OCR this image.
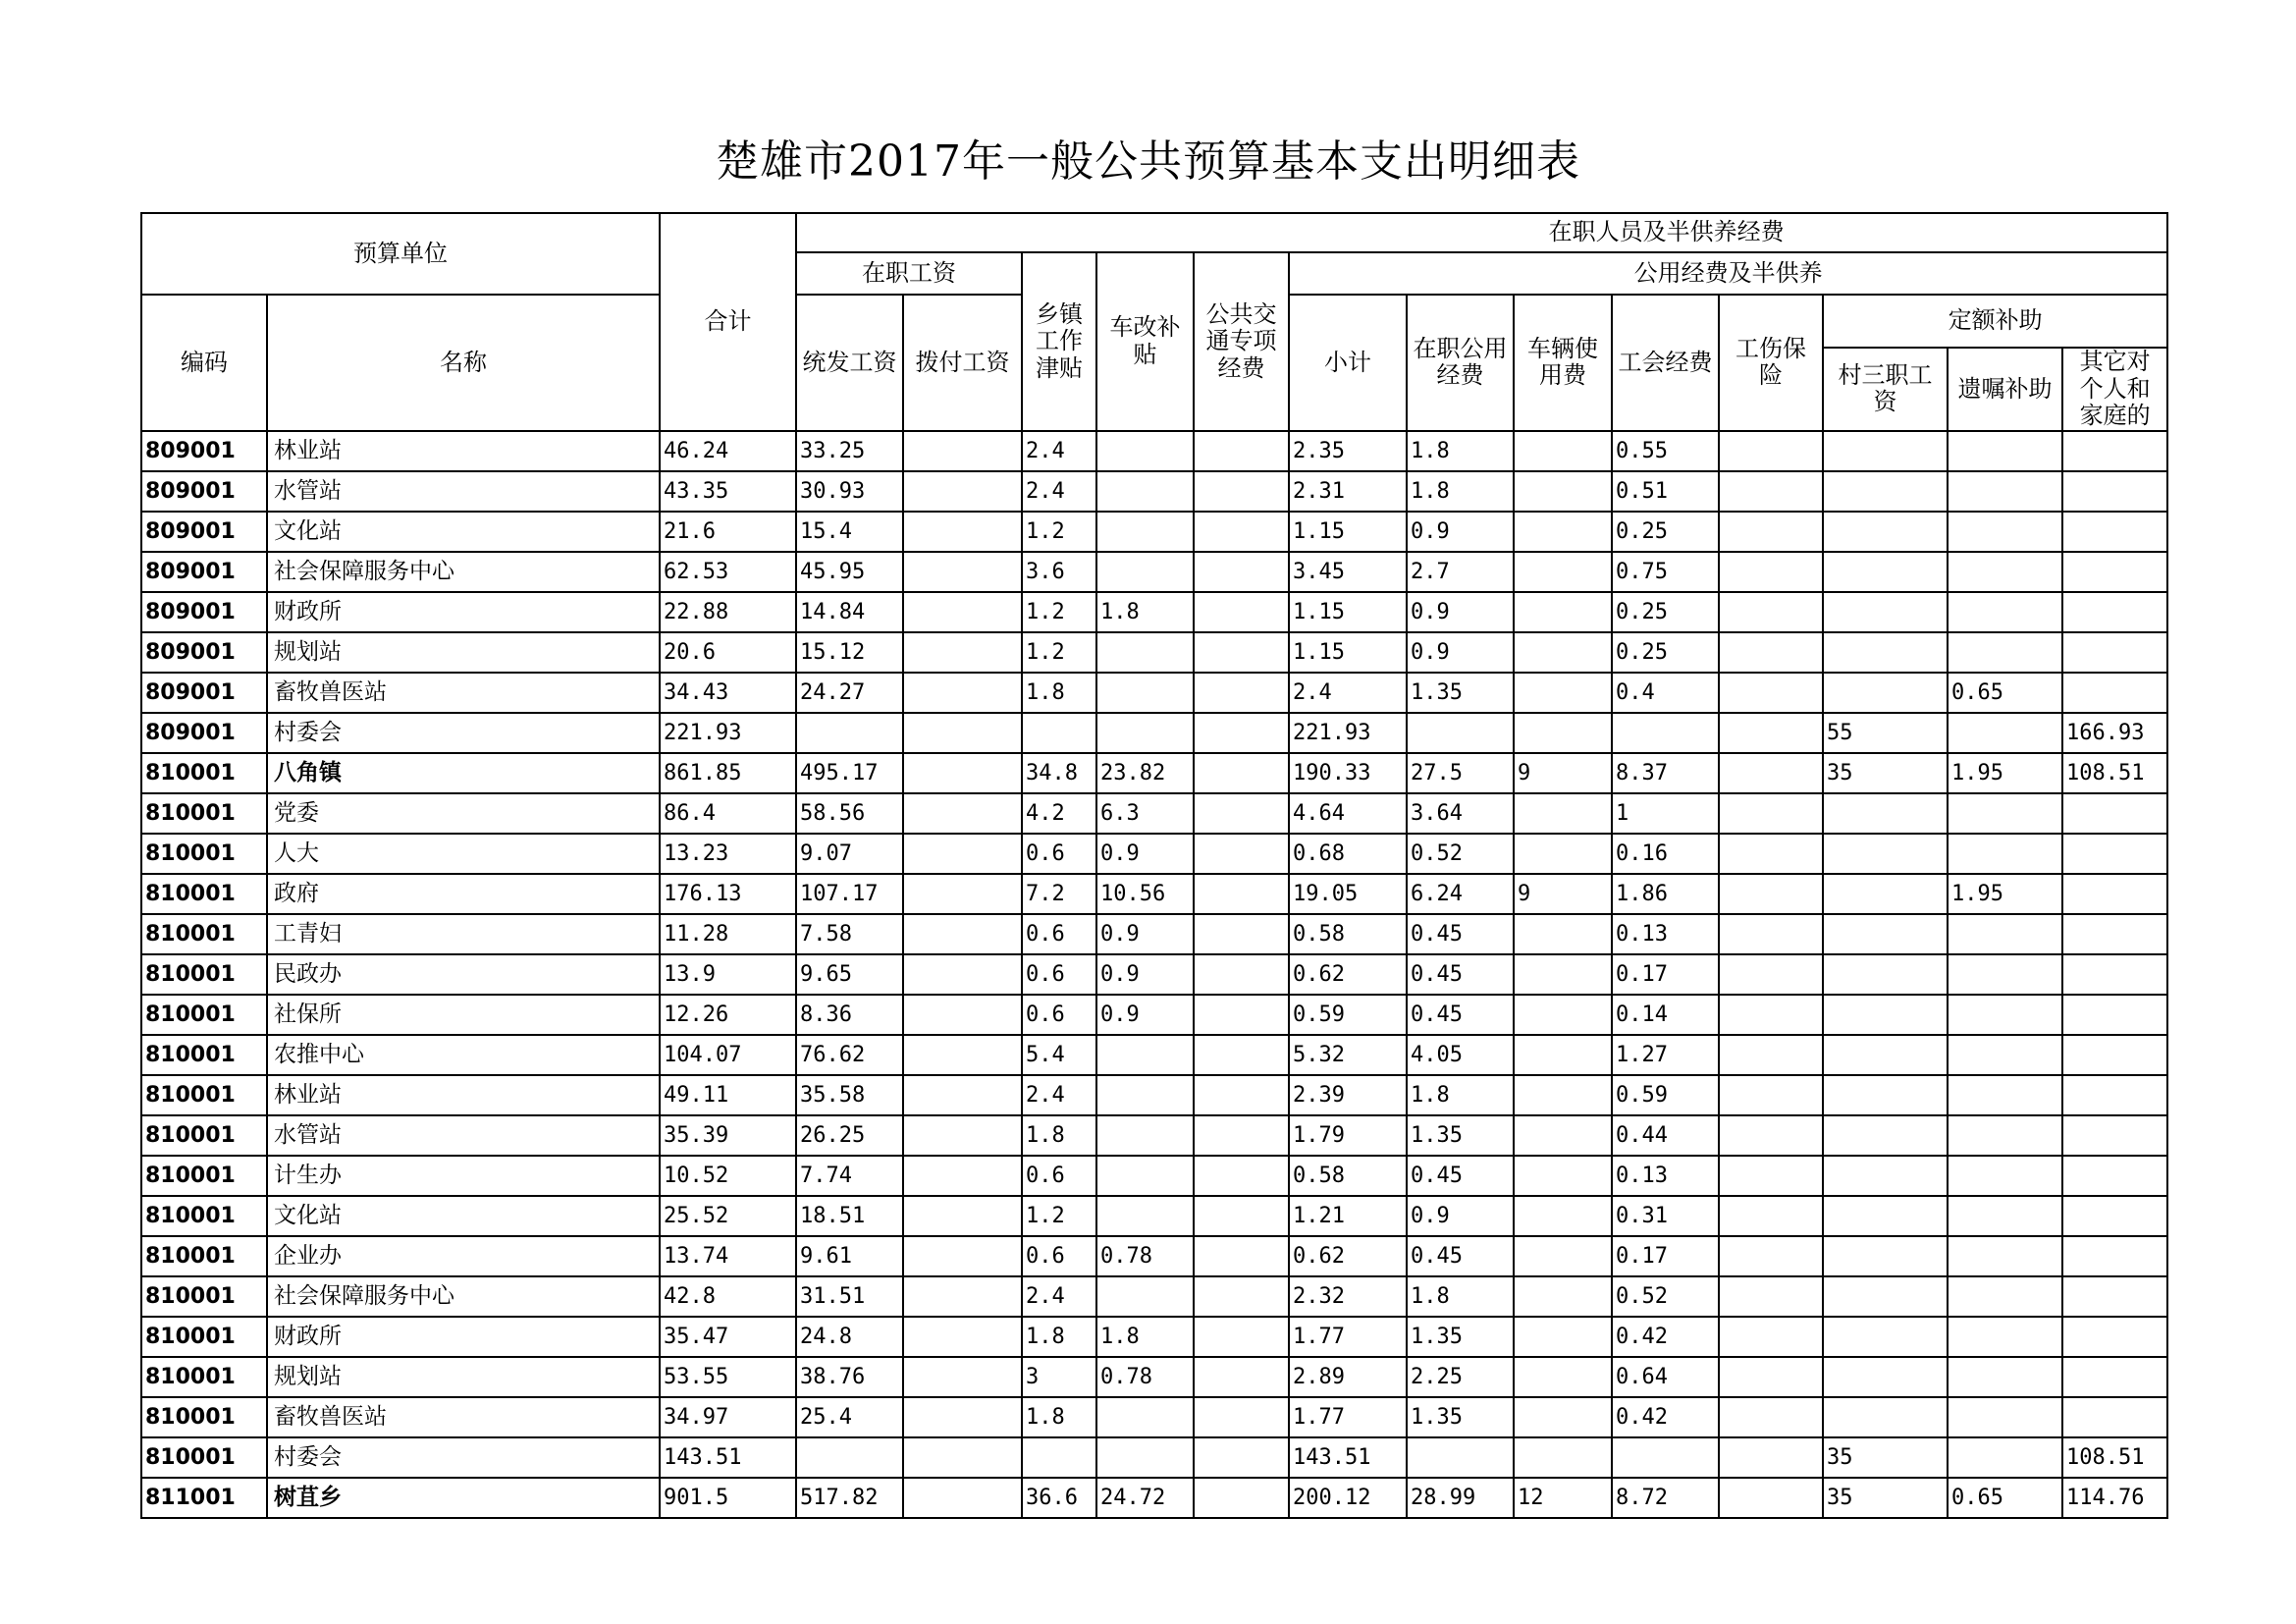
楚雄市2017年一般公共预算基本支出明细表
预算单位		合计	在职人员及半供养经费												
			在职工资		乡镇工作津贴	车改补贴	公共交通专项经费	公用经费及半供养							
编码	名称		统发工资	拨付工资				小计	在职公用经费	车辆使用费	工会经费	工伤保险	定额补助		
													村三职工资	遗嘱补助	其它对个人和家庭的
809001	林业站	46.24	33.25		2.4			2.35	1.8		0.55				
809001	水管站	43.35	30.93		2.4			2.31	1.8		0.51				
809001	文化站	21.6	15.4		1.2			1.15	0.9		0.25				
809001	社会保障服务中心	62.53	45.95		3.6			3.45	2.7		0.75				
809001	财政所	22.88	14.84		1.2	1.8		1.15	0.9		0.25				
809001	规划站	20.6	15.12		1.2			1.15	0.9		0.25				
809001	畜牧兽医站	34.43	24.27		1.8			2.4	1.35		0.4			0.65	
809001	村委会	221.93						221.93					55		166.93
810001	八角镇	861.85	495.17		34.8	23.82		190.33	27.5	9	8.37		35	1.95	108.51
810001	党委	86.4	58.56		4.2	6.3		4.64	3.64		1				
810001	人大	13.23	9.07		0.6	0.9		0.68	0.52		0.16				
810001	政府	176.13	107.17		7.2	10.56		19.05	6.24	9	1.86			1.95	
810001	工青妇	11.28	7.58		0.6	0.9		0.58	0.45		0.13				
810001	民政办	13.9	9.65		0.6	0.9		0.62	0.45		0.17				
810001	社保所	12.26	8.36		0.6	0.9		0.59	0.45		0.14				
810001	农推中心	104.07	76.62		5.4			5.32	4.05		1.27				
810001	林业站	49.11	35.58		2.4			2.39	1.8		0.59				
810001	水管站	35.39	26.25		1.8			1.79	1.35		0.44				
810001	计生办	10.52	7.74		0.6			0.58	0.45		0.13				
810001	文化站	25.52	18.51		1.2			1.21	0.9		0.31				
810001	企业办	13.74	9.61		0.6	0.78		0.62	0.45		0.17				
810001	社会保障服务中心	42.8	31.51		2.4			2.32	1.8		0.52				
810001	财政所	35.47	24.8		1.8	1.8		1.77	1.35		0.42				
810001	规划站	53.55	38.76		3	0.78		2.89	2.25		0.64				
810001	畜牧兽医站	34.97	25.4		1.8			1.77	1.35		0.42				
810001	村委会	143.51						143.51					35		108.51
811001	树苴乡	901.5	517.82		36.6	24.72		200.12	28.99	12	8.72		35	0.65	114.76
